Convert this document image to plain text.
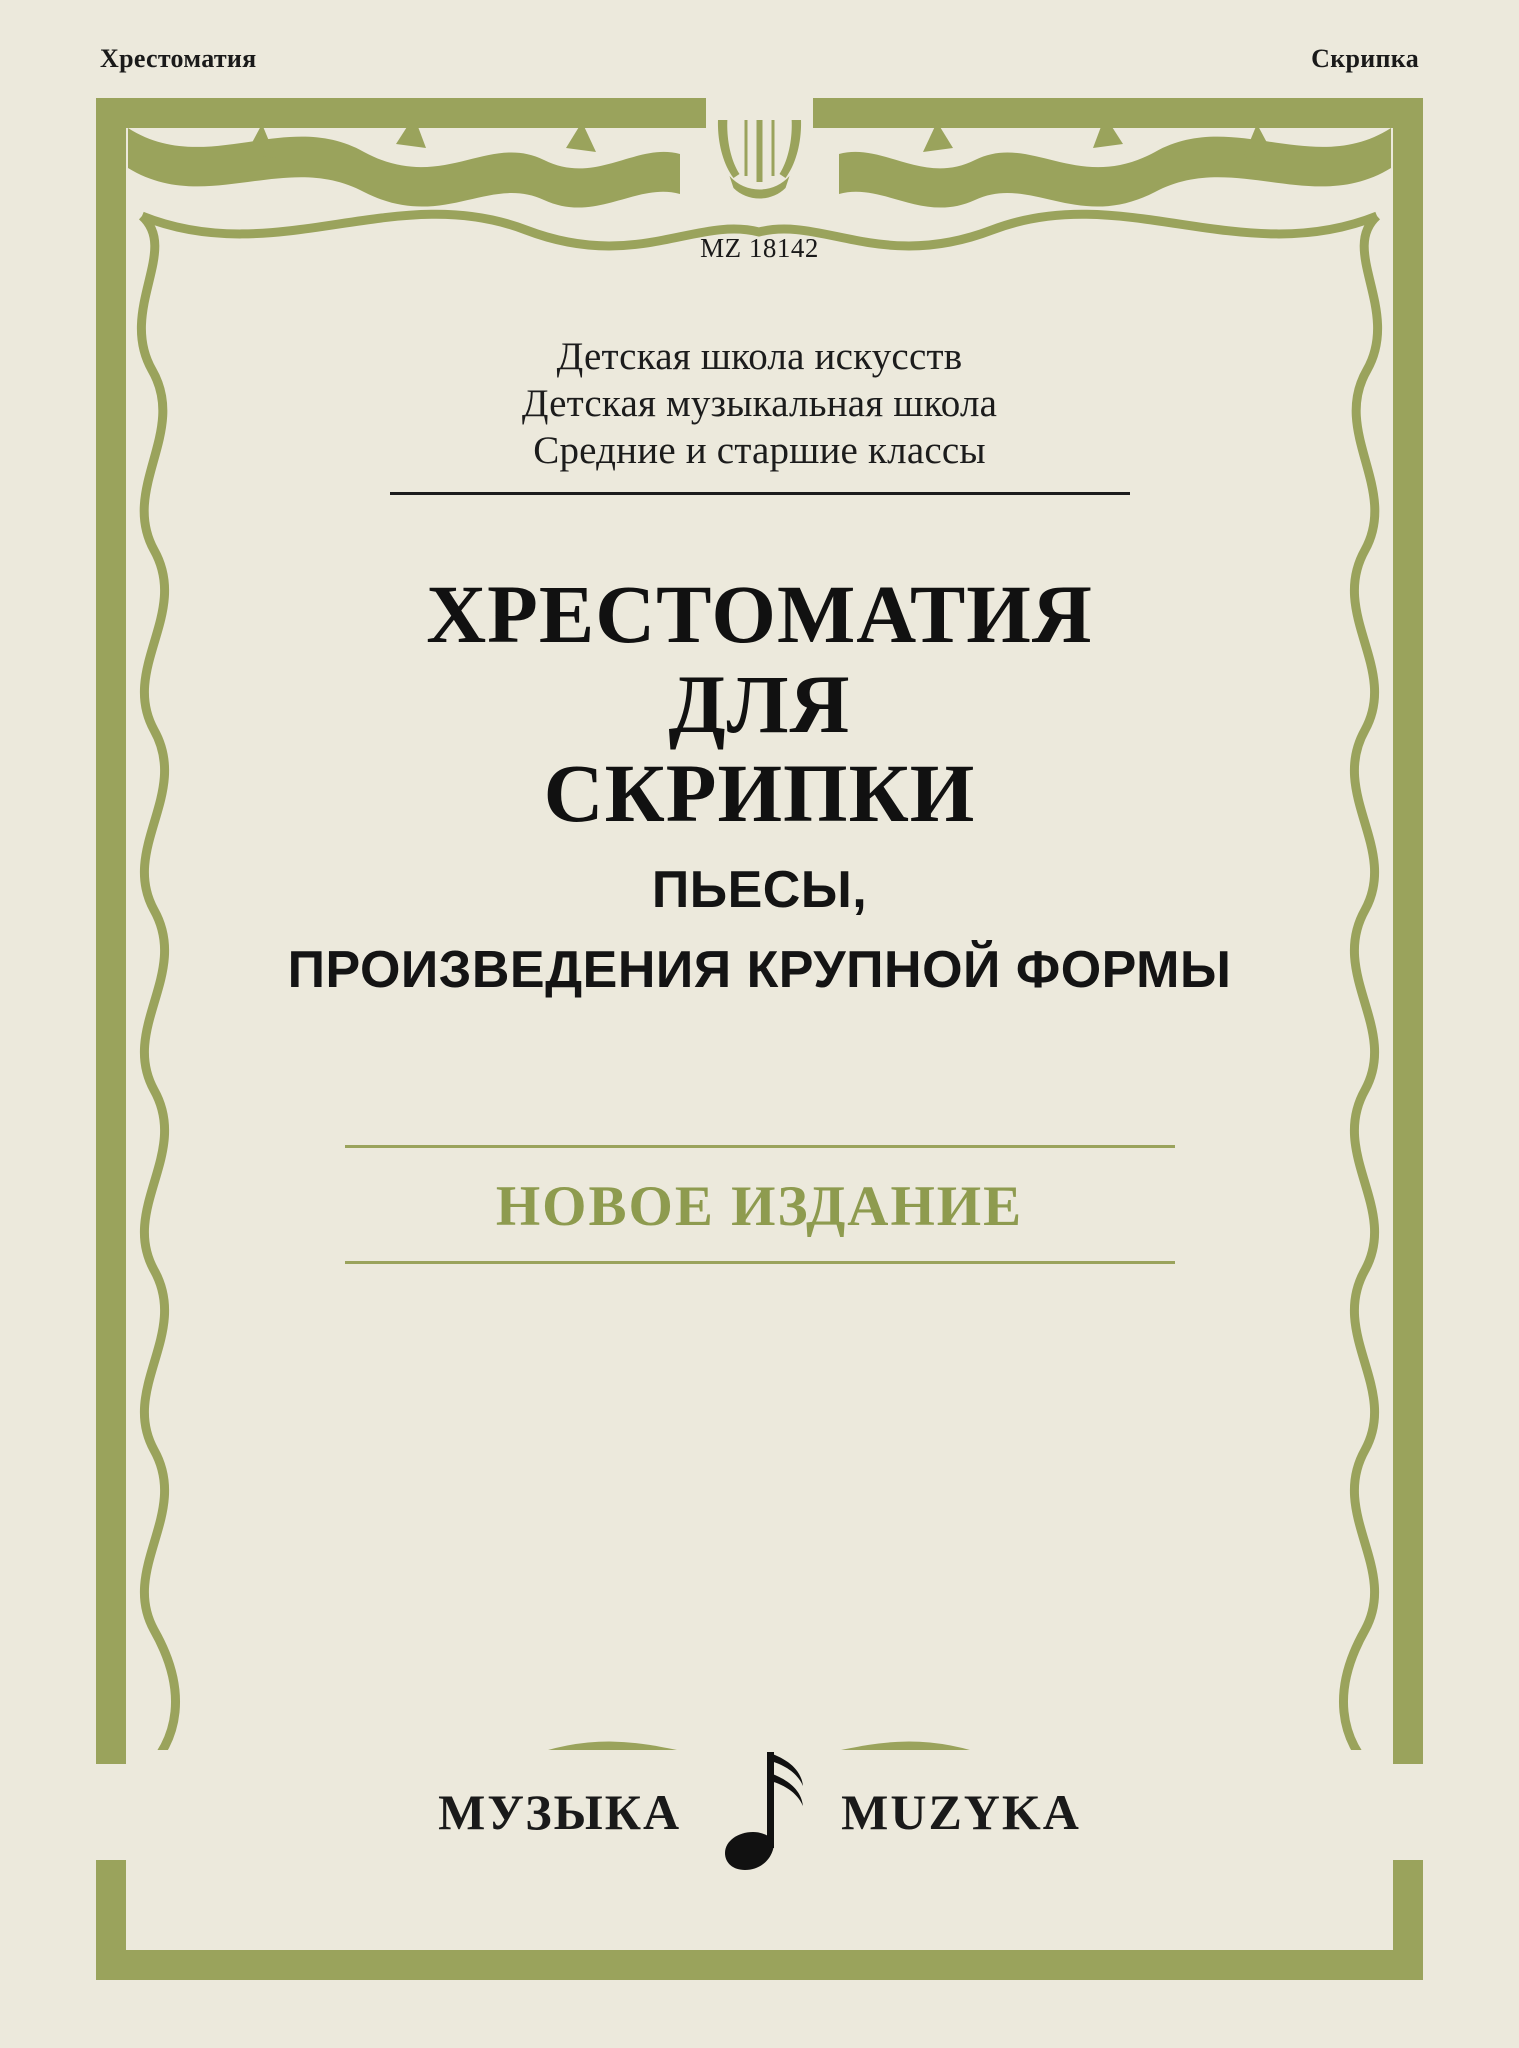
Хрестоматия	Скрипка
MZ 18142
Детская школа искусств
Детская музыкальная школа
Средние и старшие классы
ХРЕСТОМАТИЯ
ДЛЯ
СКРИПКИ
ПЬЕСЫ,
ПРОИЗВЕДЕНИЯ КРУПНОЙ ФОРМЫ
НОВОЕ ИЗДАНИЕ
МУЗЫКА	MUZYKA
